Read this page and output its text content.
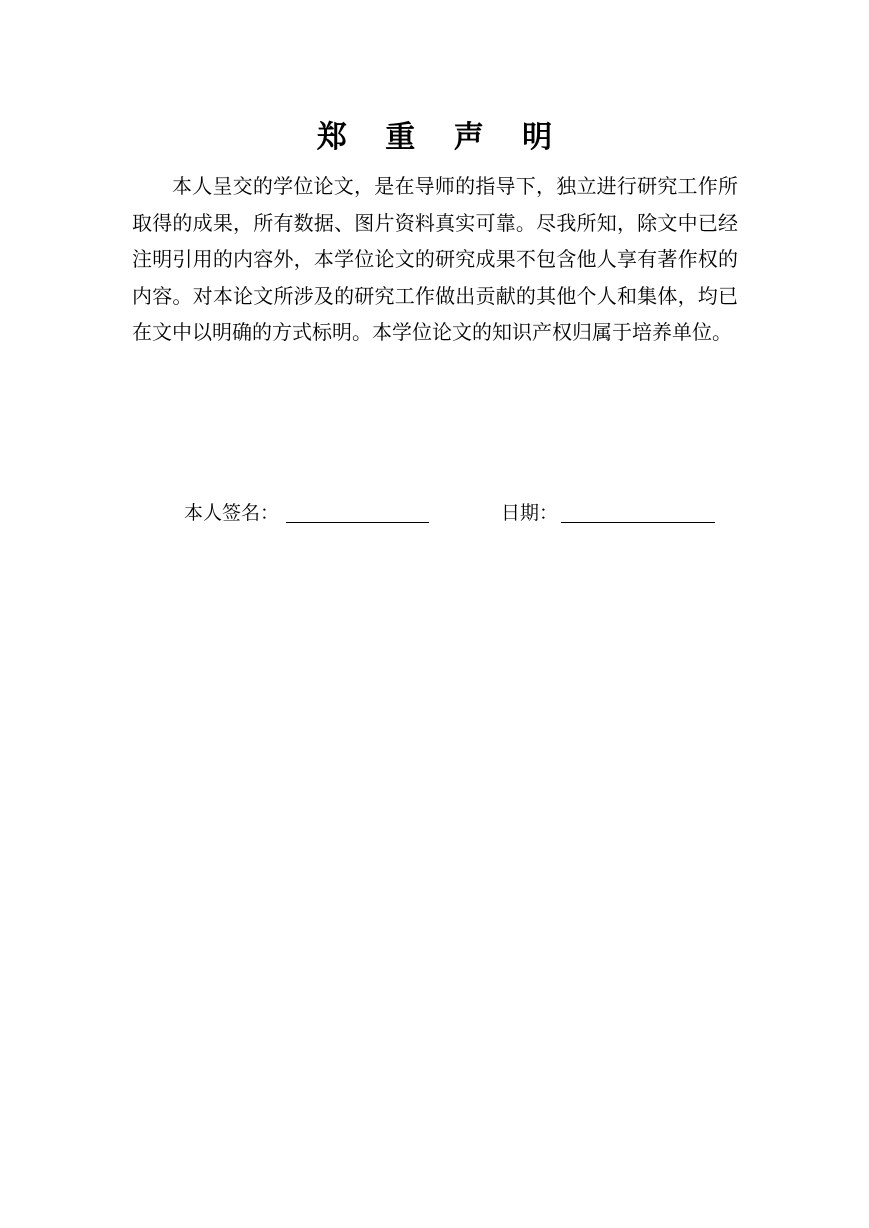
郑 重 声 明

本人呈交的学位论文，是在导师的指导下，独立进行研究工作所取得的成果，所有数据、图片资料真实可靠。尽我所知，除文中已经注明引用的内容外，本学位论文的研究成果不包含他人享有著作权的内容。对本论文所涉及的研究工作做出贡献的其他个人和集体，均已在文中以明确的方式标明。本学位论文的知识产权归属于培养单位。

本人签名：	日期：
